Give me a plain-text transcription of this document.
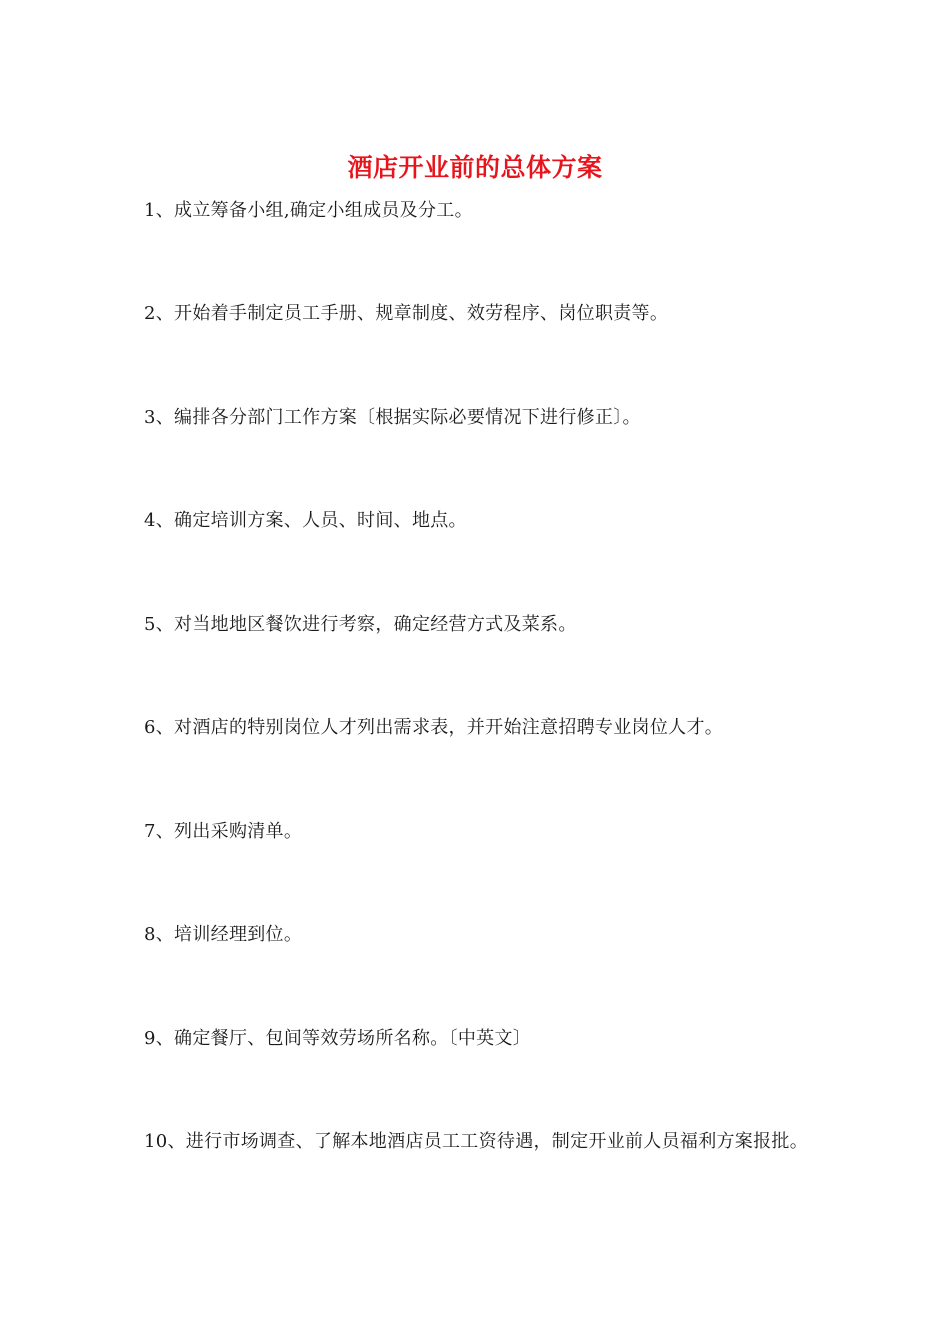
酒店开业前的总体方案
1、成立筹备小组,确定小组成员及分工。
2、开始着手制定员工手册、规章制度、效劳程序、岗位职责等。
3、编排各分部门工作方案〔根据实际必要情况下进行修正〕。
4、确定培训方案、人员、时间、地点。
5、对当地地区餐饮进行考察，确定经营方式及菜系。
6、对酒店的特别岗位人才列出需求表，并开始注意招聘专业岗位人才。
7、列出采购清单。
8、培训经理到位。
9、确定餐厅、包间等效劳场所名称。〔中英文〕
10、进行市场调查、了解本地酒店员工工资待遇，制定开业前人员福利方案报批。
